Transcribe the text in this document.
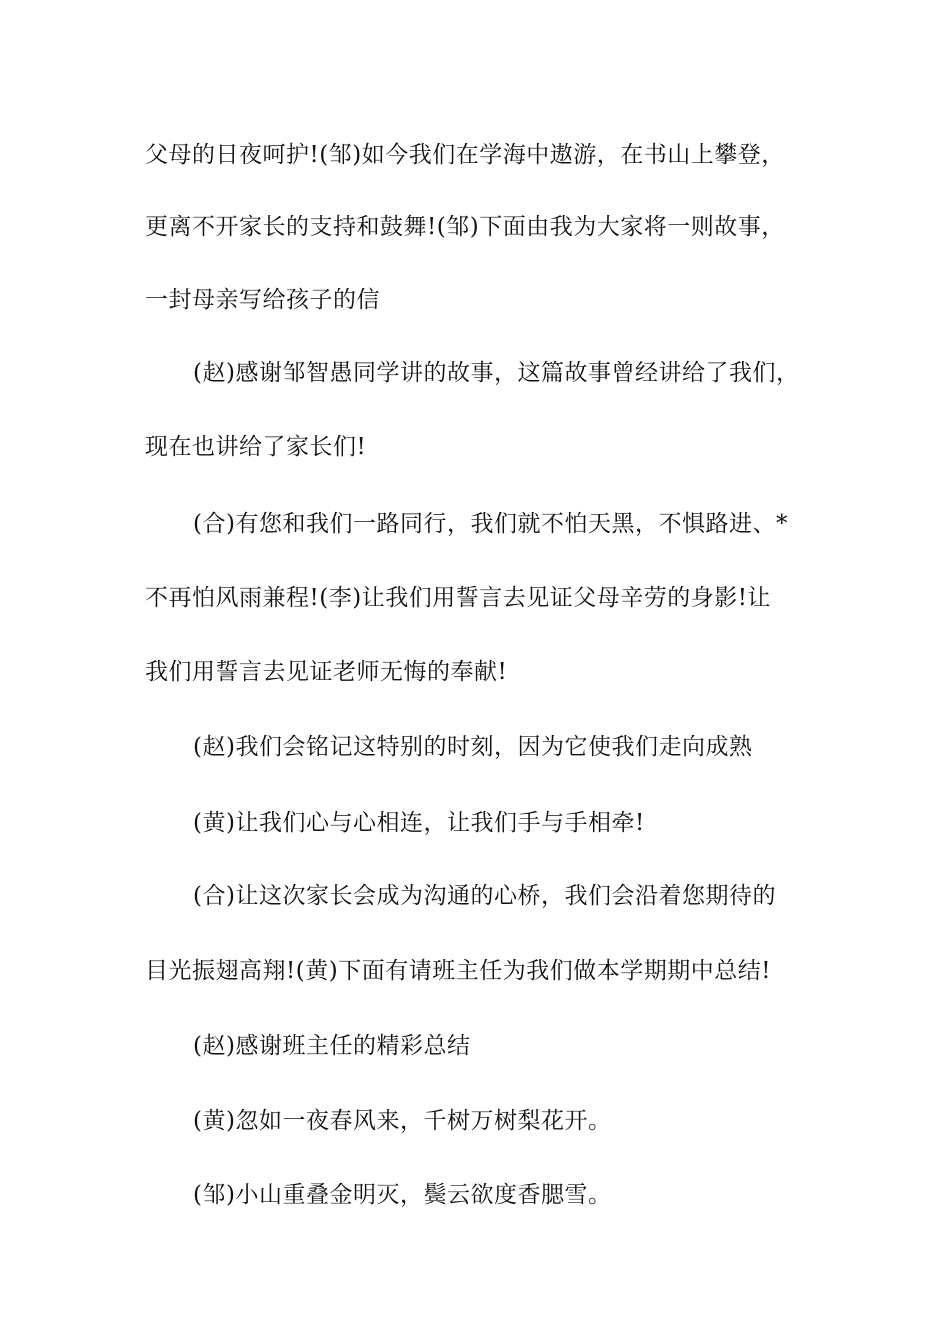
父母的日夜呵护!(邹)如今我们在学海中遨游，在书山上攀登，

更离不开家长的支持和鼓舞!(邹)下面由我为大家将一则故事，

一封母亲写给孩子的信

(赵)感谢邹智愚同学讲的故事，这篇故事曾经讲给了我们，

现在也讲给了家长们!

(合)有您和我们一路同行，我们就不怕天黑，不惧路进、*

不再怕风雨兼程!(李)让我们用誓言去见证父母辛劳的身影!让

我们用誓言去见证老师无悔的奉献!

(赵)我们会铭记这特别的时刻，因为它使我们走向成熟

(黄)让我们心与心相连，让我们手与手相牵!

(合)让这次家长会成为沟通的心桥，我们会沿着您期待的

目光振翅高翔!(黄)下面有请班主任为我们做本学期期中总结!

(赵)感谢班主任的精彩总结

(黄)忽如一夜春风来，千树万树梨花开。

(邹)小山重叠金明灭，鬓云欲度香腮雪。
